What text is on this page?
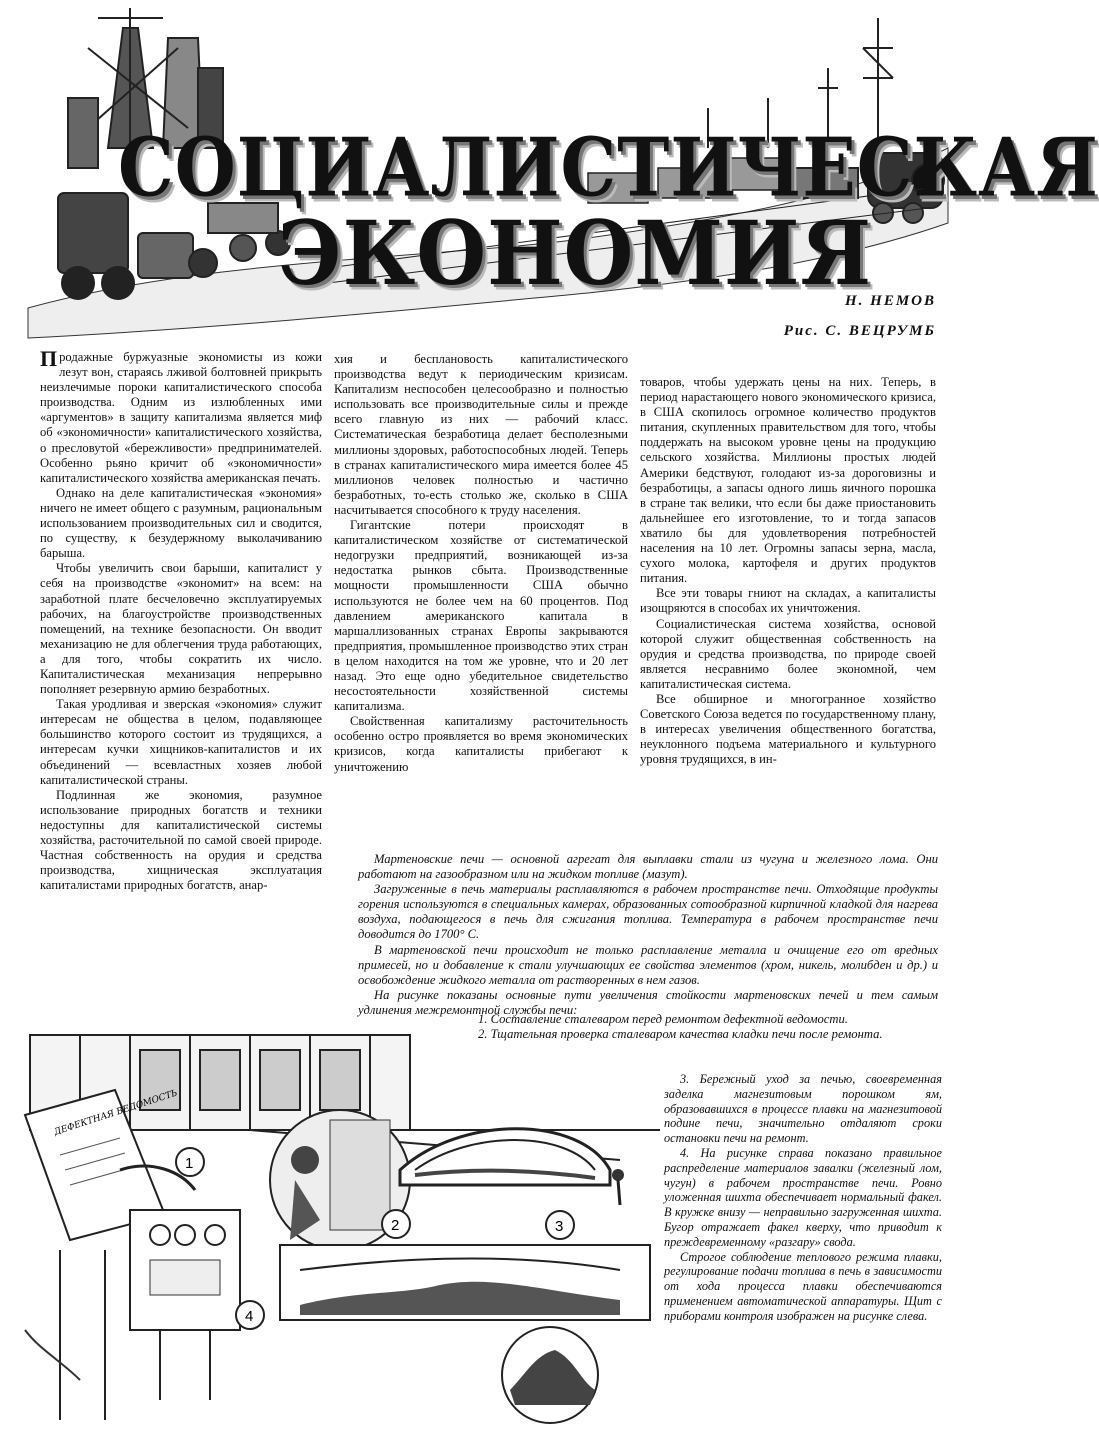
СОЦИАЛИСТИЧЕСКАЯ
ЭКОНОМИЯ

Н. НЕМОВ

Рис. С. ВЕЦРУМБ

Продажные буржуазные экономисты из кожи лезут вон, стараясь лживой болтовней прикрыть неизлечимые пороки капиталистического способа производства. Одним из излюбленных ими «аргументов» в защиту капитализма является миф об «экономичности» капиталистического хозяйства, о пресловутой «бережливости» предпринимателей. Особенно рьяно кричит об «экономичности» капиталистического хозяйства американская печать.

Однако на деле капиталистическая «экономия» ничего не имеет общего с разумным, рациональным использованием производительных сил и сводится, по существу, к безудержному выколачиванию барыша.

Чтобы увеличить свои барыши, капиталист у себя на производстве «экономит» на всем: на заработной плате бесчеловечно эксплуатируемых рабочих, на благоустройстве производственных помещений, на технике безопасности. Он вводит механизацию не для облегчения труда работающих, а для того, чтобы сократить их число. Капиталистическая механизация непрерывно пополняет резервную армию безработных.

Такая уродливая и зверская «экономия» служит интересам не общества в целом, подавляющее большинство которого состоит из трудящихся, а интересам кучки хищников-капиталистов и их объединений — всевластных хозяев любой капиталистической страны.

Подлинная же экономия, разумное использование природных богатств и техники недоступны для капиталистической системы хозяйства, расточительной по самой своей природе. Частная собственность на орудия и средства производства, хищническая эксплуатация капиталистами природных богатств, анар-

хия и бесплановость капиталистического производства ведут к периодическим кризисам. Капитализм неспособен целесообразно и полностью использовать все производительные силы и прежде всего главную из них — рабочий класс. Систематическая безработица делает бесполезными миллионы здоровых, работоспособных людей. Теперь в странах капиталистического мира имеется более 45 миллионов человек полностью и частично безработных, то-есть столько же, сколько в США насчитывается способного к труду населения.

Гигантские потери происходят в капиталистическом хозяйстве от систематической недогрузки предприятий, возникающей из-за недостатка рынков сбыта. Производственные мощности промышленности США обычно используются не более чем на 60 процентов. Под давлением американского капитала в маршаллизованных странах Европы закрываются предприятия, промышленное производство этих стран в целом находится на том же уровне, что и 20 лет назад. Это еще одно убедительное свидетельство несостоятельности хозяйственной системы капитализма.

Свойственная капитализму расточительность особенно остро проявляется во время экономических кризисов, когда капиталисты прибегают к уничтожению

товаров, чтобы удержать цены на них. Теперь, в период нарастающего нового экономического кризиса, в США скопилось огромное количество продуктов питания, скупленных правительством для того, чтобы поддержать на высоком уровне цены на продукцию сельского хозяйства. Миллионы простых людей Америки бедствуют, голодают из-за дороговизны и безработицы, а запасы одного лишь яичного порошка в стране так велики, что если бы даже приостановить дальнейшее его изготовление, то и тогда запасов хватило бы для удовлетворения потребностей населения на 10 лет. Огромны запасы зерна, масла, сухого молока, картофеля и других продуктов питания.

Все эти товары гниют на складах, а капиталисты изощряются в способах их уничтожения.

Социалистическая система хозяйства, основой которой служит общественная собственность на орудия и средства производства, по природе своей является несравнимо более экономной, чем капиталистическая система.

Все обширное и многогранное хозяйство Советского Союза ведется по государственному плану, в интересах увеличения общественного богатства, неуклонного подъема материального и культурного уровня трудящихся, в ин-

Мартеновские печи — основной агрегат для выплавки стали из чугуна и железного лома. Они работают на газообразном или на жидком топливе (мазут).

Загруженные в печь материалы расплавляются в рабочем пространстве печи. Отходящие продукты горения используются в специальных камерах, образованных сотообразной кирпичной кладкой для нагрева воздуха, подающегося в печь для сжигания топлива. Температура в рабочем пространстве печи доводится до 1700° С.

В мартеновской печи происходит не только расплавление металла и очищение его от вредных примесей, но и добавление к стали улучшающих ее свойства элементов (хром, никель, молибден и др.) и освобождение жидкого металла от растворенных в нем газов.

На рисунке показаны основные пути увеличения стойкости мартеновских печей и тем самым удлинения межремонтной службы печи:

1. Составление сталеваром перед ремонтом дефектной ведомости.

2. Тщательная проверка сталеваром качества кладки печи после ремонта.

3. Бережный уход за печью, своевременная заделка магнезитовым порошком ям, образовавшихся в процессе плавки на магнезитовой подине печи, значительно отдаляют сроки остановки печи на ремонт.

4. На рисунке справа показано правильное распределение материалов завалки (железный лом, чугун) в рабочем пространстве печи. Ровно уложенная шихта обеспечивает нормальный факел. В кружке внизу — неправильно загруженная шихта. Бугор отражает факел кверху, что приводит к преждевременному «разгару» свода.

Строгое соблюдение теплового режима плавки, регулирование подачи топлива в печь в зависимости от хода процесса плавки обеспечиваются применением автоматической аппаратуры. Щит с приборами контроля изображен на рисунке слева.

ДЕФЕКТНАЯ ВЕДОМОСТЬ
1
2	3
4
